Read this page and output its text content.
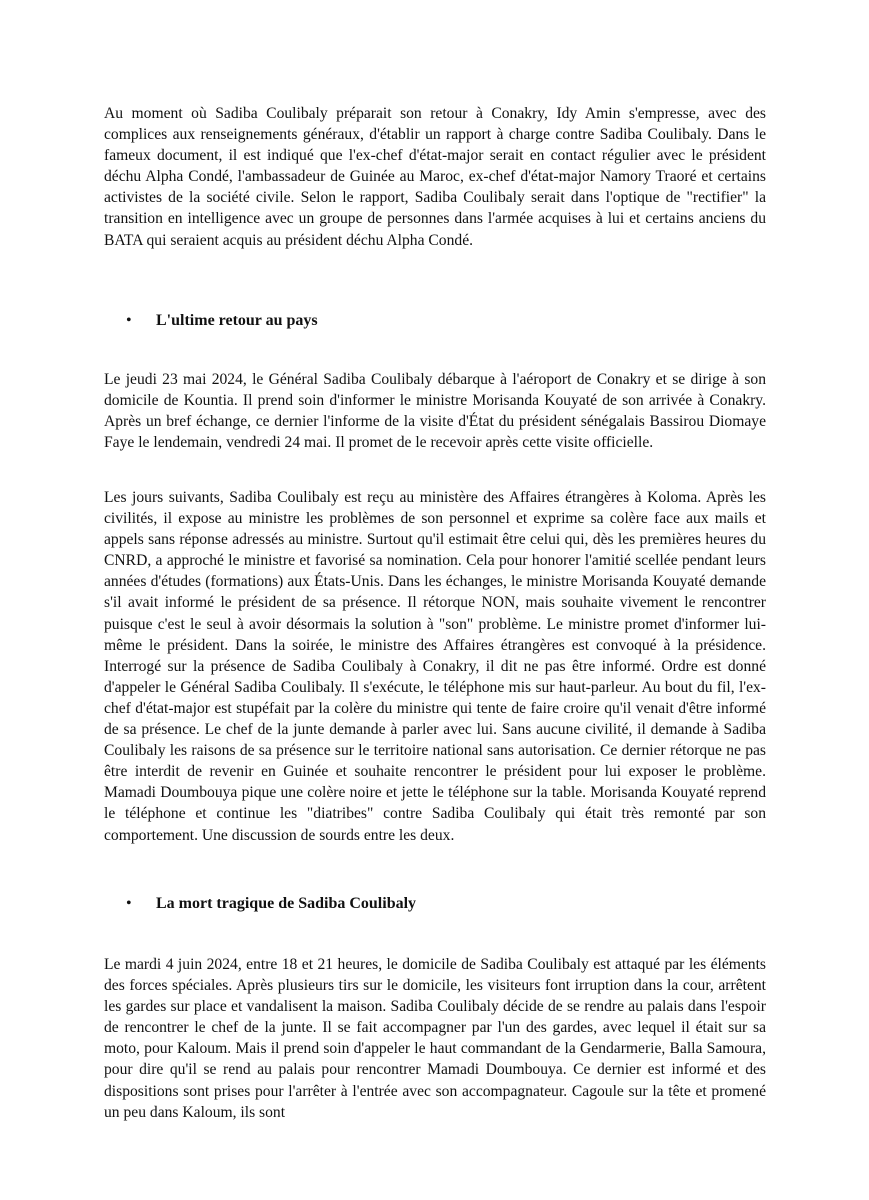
Au moment où Sadiba Coulibaly préparait son retour à Conakry, Idy Amin s'empresse, avec des complices aux renseignements généraux, d'établir un rapport à charge contre Sadiba Coulibaly. Dans le fameux document, il est indiqué que l'ex-chef d'état-major serait en contact régulier avec le président déchu Alpha Condé, l'ambassadeur de Guinée au Maroc, ex-chef d'état-major Namory Traoré et certains activistes de la société civile. Selon le rapport, Sadiba Coulibaly serait dans l'optique de "rectifier" la transition en intelligence avec un groupe de personnes dans l'armée acquises à lui et certains anciens du BATA qui seraient acquis au président déchu Alpha Condé.

•	L'ultime retour au pays

Le jeudi 23 mai 2024, le Général Sadiba Coulibaly débarque à l'aéroport de Conakry et se dirige à son domicile de Kountia. Il prend soin d'informer le ministre Morisanda Kouyaté de son arrivée à Conakry. Après un bref échange, ce dernier l'informe de la visite d'État du président sénégalais Bassirou Diomaye Faye le lendemain, vendredi 24 mai. Il promet de le recevoir après cette visite officielle.

Les jours suivants, Sadiba Coulibaly est reçu au ministère des Affaires étrangères à Koloma. Après les civilités, il expose au ministre les problèmes de son personnel et exprime sa colère face aux mails et appels sans réponse adressés au ministre. Surtout qu'il estimait être celui qui, dès les premières heures du CNRD, a approché le ministre et favorisé sa nomination. Cela pour honorer l'amitié scellée pendant leurs années d'études (formations) aux États-Unis. Dans les échanges, le ministre Morisanda Kouyaté demande s'il avait informé le président de sa présence. Il rétorque NON, mais souhaite vivement le rencontrer puisque c'est le seul à avoir désormais la solution à "son" problème. Le ministre promet d'informer lui-même le président. Dans la soirée, le ministre des Affaires étrangères est convoqué à la présidence. Interrogé sur la présence de Sadiba Coulibaly à Conakry, il dit ne pas être informé. Ordre est donné d'appeler le Général Sadiba Coulibaly. Il s'exécute, le téléphone mis sur haut-parleur. Au bout du fil, l'ex-chef d'état-major est stupéfait par la colère du ministre qui tente de faire croire qu'il venait d'être informé de sa présence. Le chef de la junte demande à parler avec lui. Sans aucune civilité, il demande à Sadiba Coulibaly les raisons de sa présence sur le territoire national sans autorisation. Ce dernier rétorque ne pas être interdit de revenir en Guinée et souhaite rencontrer le président pour lui exposer le problème. Mamadi Doumbouya pique une colère noire et jette le téléphone sur la table. Morisanda Kouyaté reprend le téléphone et continue les "diatribes" contre Sadiba Coulibaly qui était très remonté par son comportement. Une discussion de sourds entre les deux.

•	La mort tragique de Sadiba Coulibaly

Le mardi 4 juin 2024, entre 18 et 21 heures, le domicile de Sadiba Coulibaly est attaqué par les éléments des forces spéciales. Après plusieurs tirs sur le domicile, les visiteurs font irruption dans la cour, arrêtent les gardes sur place et vandalisent la maison. Sadiba Coulibaly décide de se rendre au palais dans l'espoir de rencontrer le chef de la junte. Il se fait accompagner par l'un des gardes, avec lequel il était sur sa moto, pour Kaloum. Mais il prend soin d'appeler le haut commandant de la Gendarmerie, Balla Samoura, pour dire qu'il se rend au palais pour rencontrer Mamadi Doumbouya. Ce dernier est informé et des dispositions sont prises pour l'arrêter à l'entrée avec son accompagnateur. Cagoule sur la tête et promené un peu dans Kaloum, ils sont
